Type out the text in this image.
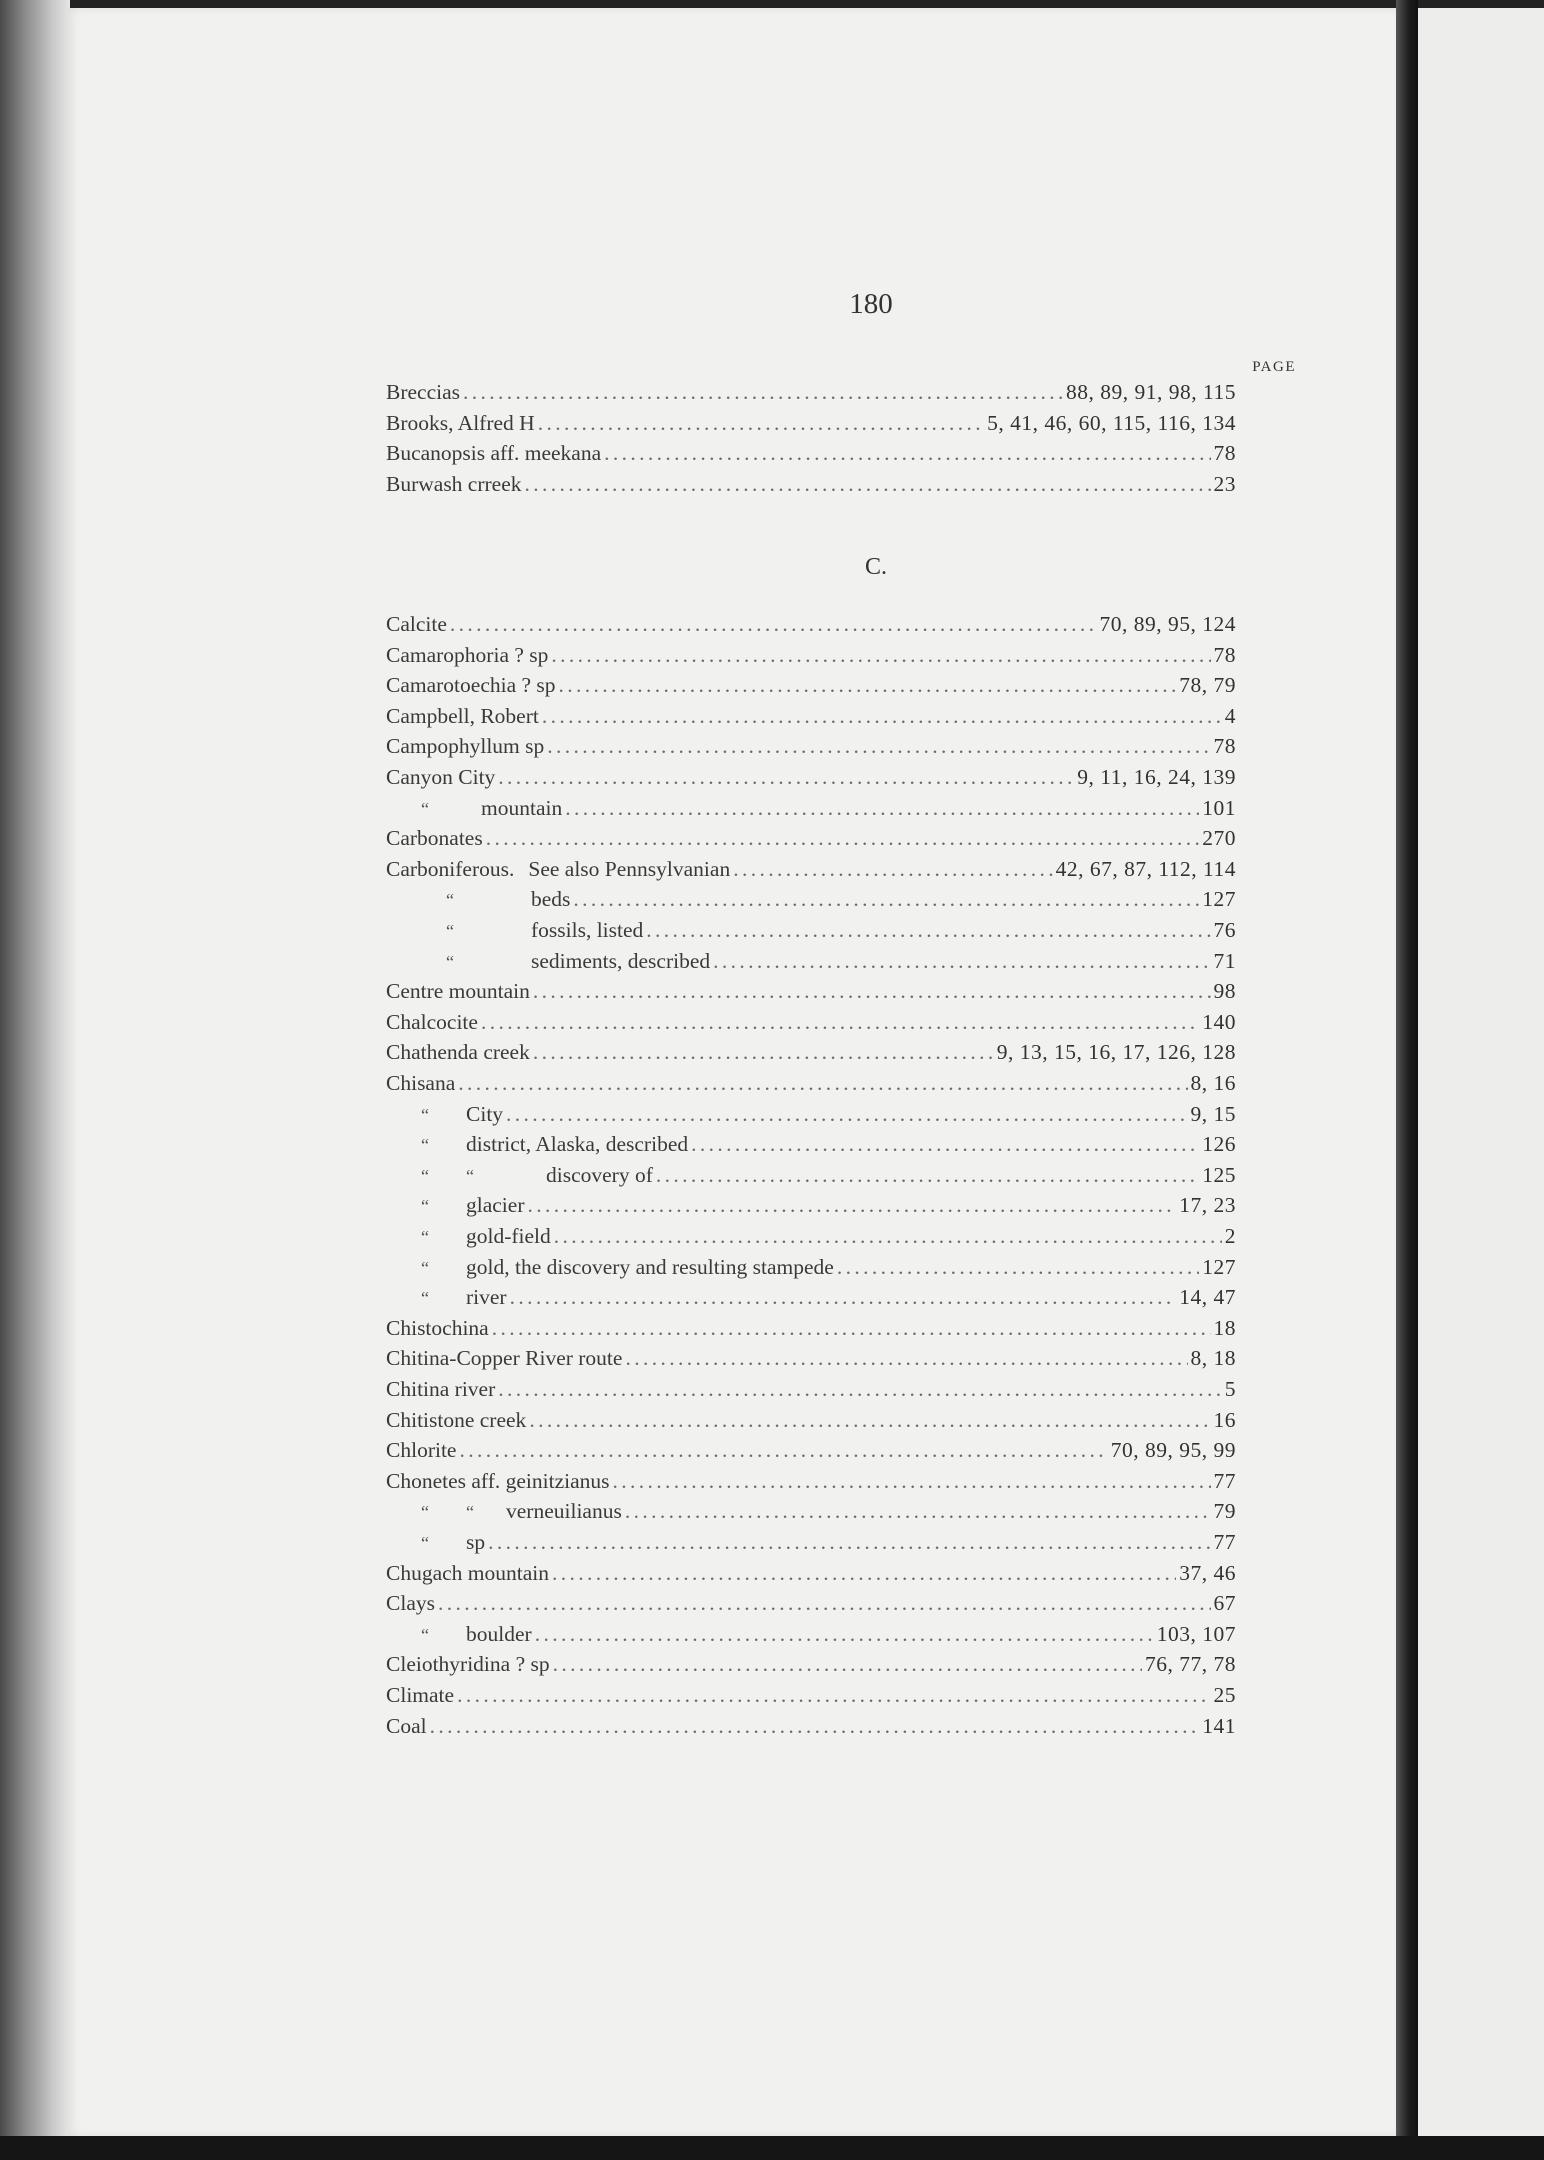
180
PAGE
C.
Breccias . . .	88, 89, 91, 98, 115
Brooks, Alfred H . . .	5, 41, 46, 60, 115, 116, 134
Bucanopsis aff. meekana . . .	78
Burwash crreek . . .	23
Calcite . . .	70, 89, 95, 124
Camarophoria ? sp . . .	78
Camarotoechia ? sp . . .	78, 79
Campbell, Robert . . .	4
Campophyllum sp . . .	78
Canyon City . . .	9, 11, 16, 24, 139
“ mountain . . .	101
Carbonates . . .	270
Carboniferous. See also Pennsylvanian . . .	42, 67, 87, 112, 114
“	beds . . .	127
“	fossils, listed . . .	76
“	sediments, described . . .	71
Centre mountain . . .	98
Chalcocite . . .	140
Chathenda creek . . .	9, 13, 15, 16, 17, 126, 128
Chisana . . .	8, 16
“ City . . .	9, 15
“ district, Alaska, described . . .	126
“ “	discovery of . . .	125
“ glacier . . .	17, 23
“ gold-field . . .	2
“ gold, the discovery and resulting stampede . . .	127
“ river . . .	14, 47
Chistochina . . .	18
Chitina-Copper River route . . .	8, 18
Chitina river . . .	5
Chitistone creek . . .	16
Chlorite . . .	70, 89, 95, 99
Chonetes aff. geinitzianus . . .	77
“ “ verneuilianus . . .	79
“ sp . . .	77
Chugach mountain . . .	37, 46
Clays . . .	67
“ boulder . . .	103, 107
Cleiothyridina ? sp . . .	76, 77, 78
Climate . . .	25
Coal . . .	141
